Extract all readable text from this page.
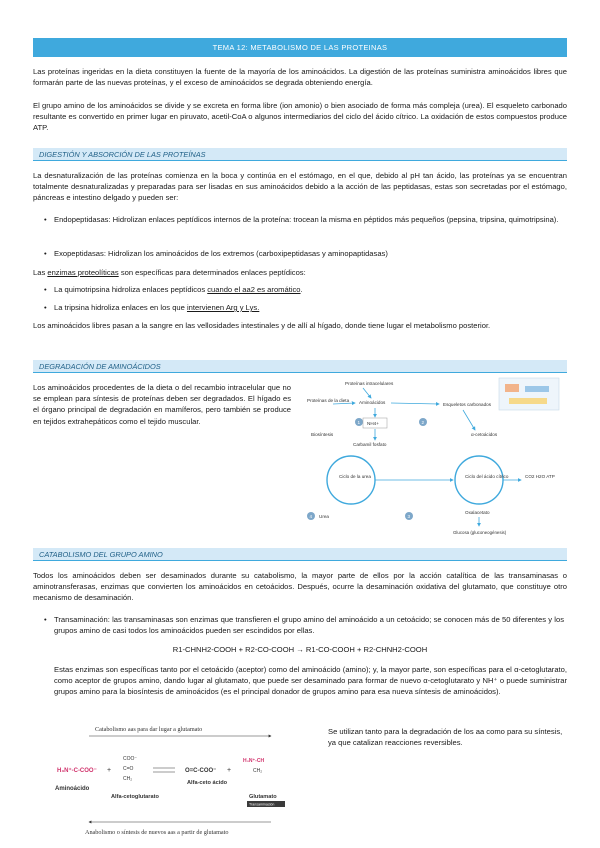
TEMA 12: METABOLISMO DE LAS PROTEINAS

Las proteínas ingeridas en la dieta constituyen la fuente de la mayoría de los aminoácidos. La digestión de las proteínas suministra aminoácidos libres que formarán parte de las nuevas proteínas, y el exceso de aminoácidos se degrada obteniendo energía.

El grupo amino de los aminoácidos se divide y se excreta en forma libre (ion amonio) o bien asociado de forma más compleja (urea). El esqueleto carbonado resultante es convertido en primer lugar en piruvato, acetil-CoA o algunos intermediarios del ciclo del ácido cítrico. La oxidación de estos compuestos produce ATP.

DIGESTIÓN Y ABSORCIÓN DE LAS PROTEÍNAS

La desnaturalización de las proteínas comienza en la boca y continúa en el estómago, en el que, debido al pH tan ácido, las proteínas ya se encuentran totalmente desnaturalizadas y preparadas para ser lisadas en sus aminoácidos debido a la acción de las peptidasas, estas son secretadas por el estómago, páncreas e intestino delgado y pueden ser:

• Endopeptidasas: Hidrolizan enlaces peptídicos internos de la proteína: trocean la misma en péptidos más pequeños (pepsina, tripsina, quimotripsina).

• Exopeptidasas: Hidrolizan los aminoácidos de los extremos (carboxipeptidasas y aminopaptidasas)

Las enzimas proteolíticas son específicas para determinados enlaces peptídicos:

• La quimotripsina hidroliza enlaces peptídicos cuando el aa2 es aromático.

• La tripsina hidroliza enlaces en los que intervienen Arg y Lys.

Los aminoácidos libres pasan a la sangre en las vellosidades intestinales y de allí al hígado, donde tiene lugar el metabolismo posterior.

DEGRADACIÓN DE AMINOÁCIDOS

Los aminoácidos procedentes de la dieta o del recambio intracelular que no se emplean para síntesis de proteínas deben ser degradados. El hígado es el órgano principal de degradación en mamíferos, pero también se produce en tejidos extrahepáticos como el tejido muscular.

Proteínas intracelulares
Proteínas de la dieta Aminoácidos	Esqueletos carbonados
1	2
NH4+
Biosíntesis
Carbamil fosfato
α-cetoácidos
Ciclo de la urea	Ciclo del ácido cítrico	CO2 H2O ATP
Oxalacetato
3
4 Urea
Glucosa (gluconeogénesis)
CATABOLISMO DEL GRUPO AMINO

Todos los aminoácidos deben ser desaminados durante su catabolismo, la mayor parte de ellos por la acción catalítica de las transaminasas o aminotransferasas, enzimas que convierten los aminoácidos en cetoácidos. Después, ocurre la desaminación oxidativa del glutamato, que constituye otro mecanismo de desaminación.

• Transaminación: las transaminasas son enzimas que transfieren el grupo amino del aminoácido a un cetoácido; se conocen más de 50 diferentes y los grupos amino de casi todos los aminoácidos pueden ser escindidos por ellas.

R1-CHNH2-COOH + R2-CO-COOH → R1-CO-COOH + R2-CHNH2-COOH

Estas enzimas son específicas tanto por el cetoácido (aceptor) como del aminoácido (amino); y, la mayor parte, son específicas para el α-cetoglutarato, como aceptor de grupos amino, dando lugar al glutamato, que puede ser desaminado para formar de nuevo α-cetoglutarato y NH⁺ o puede suministrar grupos amino para la biosíntesis de aminoácidos (es el principal donador de grupos amino para esa nueva síntesis de aminoácidos).

Se utilizan tanto para la degradación de los aa como para su síntesis, ya que catalizan reacciones reversibles.

Catabolismo aas para dar lugar a glutamato
H₃N⁺-C-COO⁻
Aminoácido
+
COO⁻
C=O
CH₂
Alfa-cetoglutarato
O=C-COO⁻
Alfa-ceto ácido
+
H₃N⁺-CH
CH₂
Glutamato
Transaminación
Anabolismo o síntesis de nuevos aas a partir de glutamato
